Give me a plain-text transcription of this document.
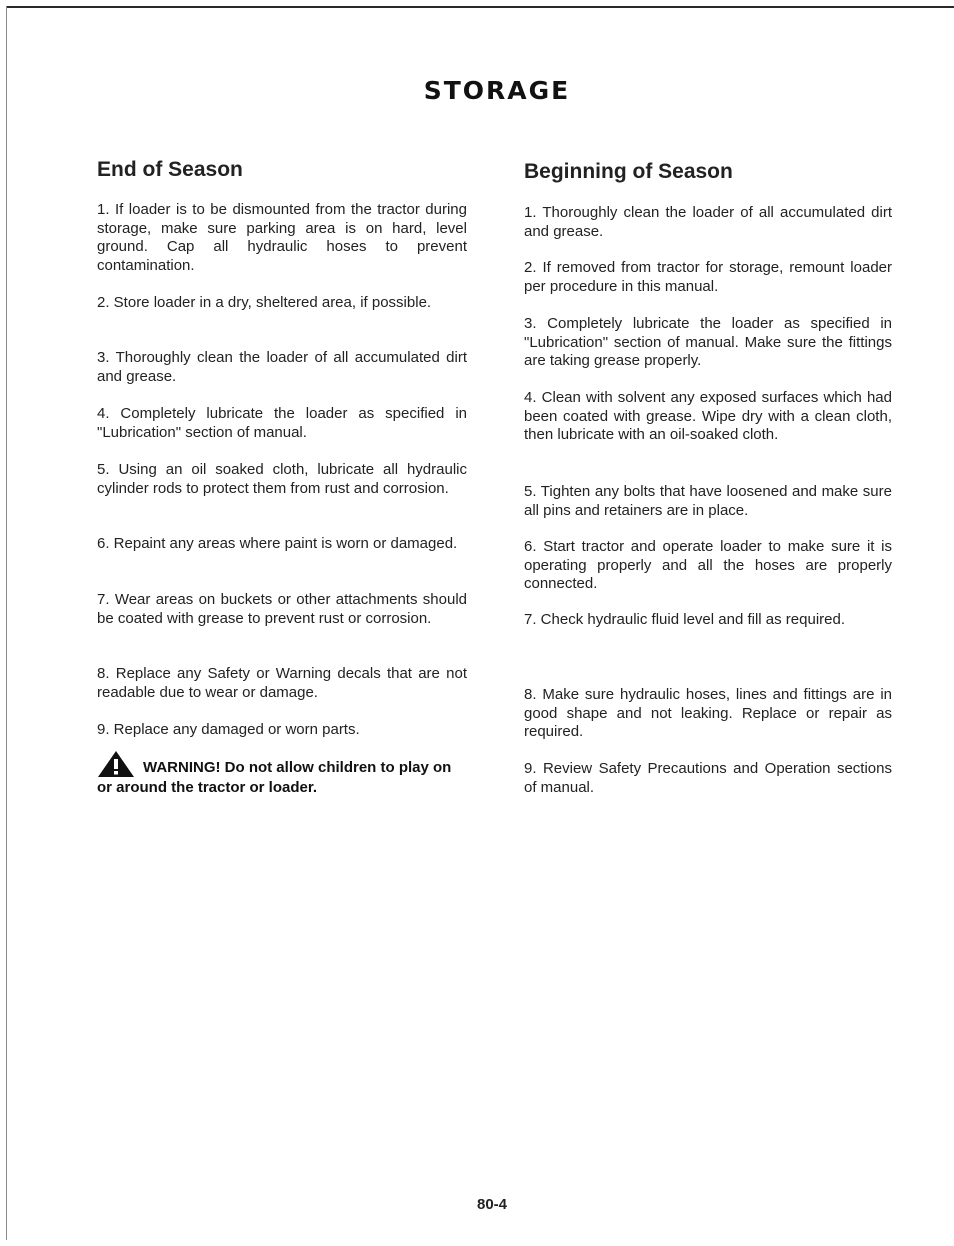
STORAGE
End of Season
1. If loader is to be dismounted from the tractor during storage, make sure parking area is on hard, level ground. Cap all hydraulic hoses to prevent contamination.
2. Store loader in a dry, sheltered area, if possible.
3. Thoroughly clean the loader of all accumulated dirt and grease.
4. Completely lubricate the loader as specified in "Lubrication" section of manual.
5. Using an oil soaked cloth, lubricate all hydraulic cylinder rods to protect them from rust and corrosion.
6. Repaint any areas where paint is worn or damaged.
7. Wear areas on buckets or other attachments should be coated with grease to prevent rust or corrosion.
8. Replace any Safety or Warning decals that are not readable due to wear or damage.
9. Replace any damaged or worn parts.
WARNING! Do not allow children to play on or around the tractor or loader.
Beginning of Season
1. Thoroughly clean the loader of all accumulated dirt and grease.
2. If removed from tractor for storage, remount loader per procedure in this manual.
3. Completely lubricate the loader as specified in "Lubrication" section of manual. Make sure the fittings are taking grease properly.
4. Clean with solvent any exposed surfaces which had been coated with grease. Wipe dry with a clean cloth, then lubricate with an oil-soaked cloth.
5. Tighten any bolts that have loosened and make sure all pins and retainers are in place.
6. Start tractor and operate loader to make sure it is operating properly and all the hoses are properly connected.
7. Check hydraulic fluid level and fill as required.
8. Make sure hydraulic hoses, lines and fittings are in good shape and not leaking. Replace or repair as required.
9. Review Safety Precautions and Operation sections of manual.
80-4
